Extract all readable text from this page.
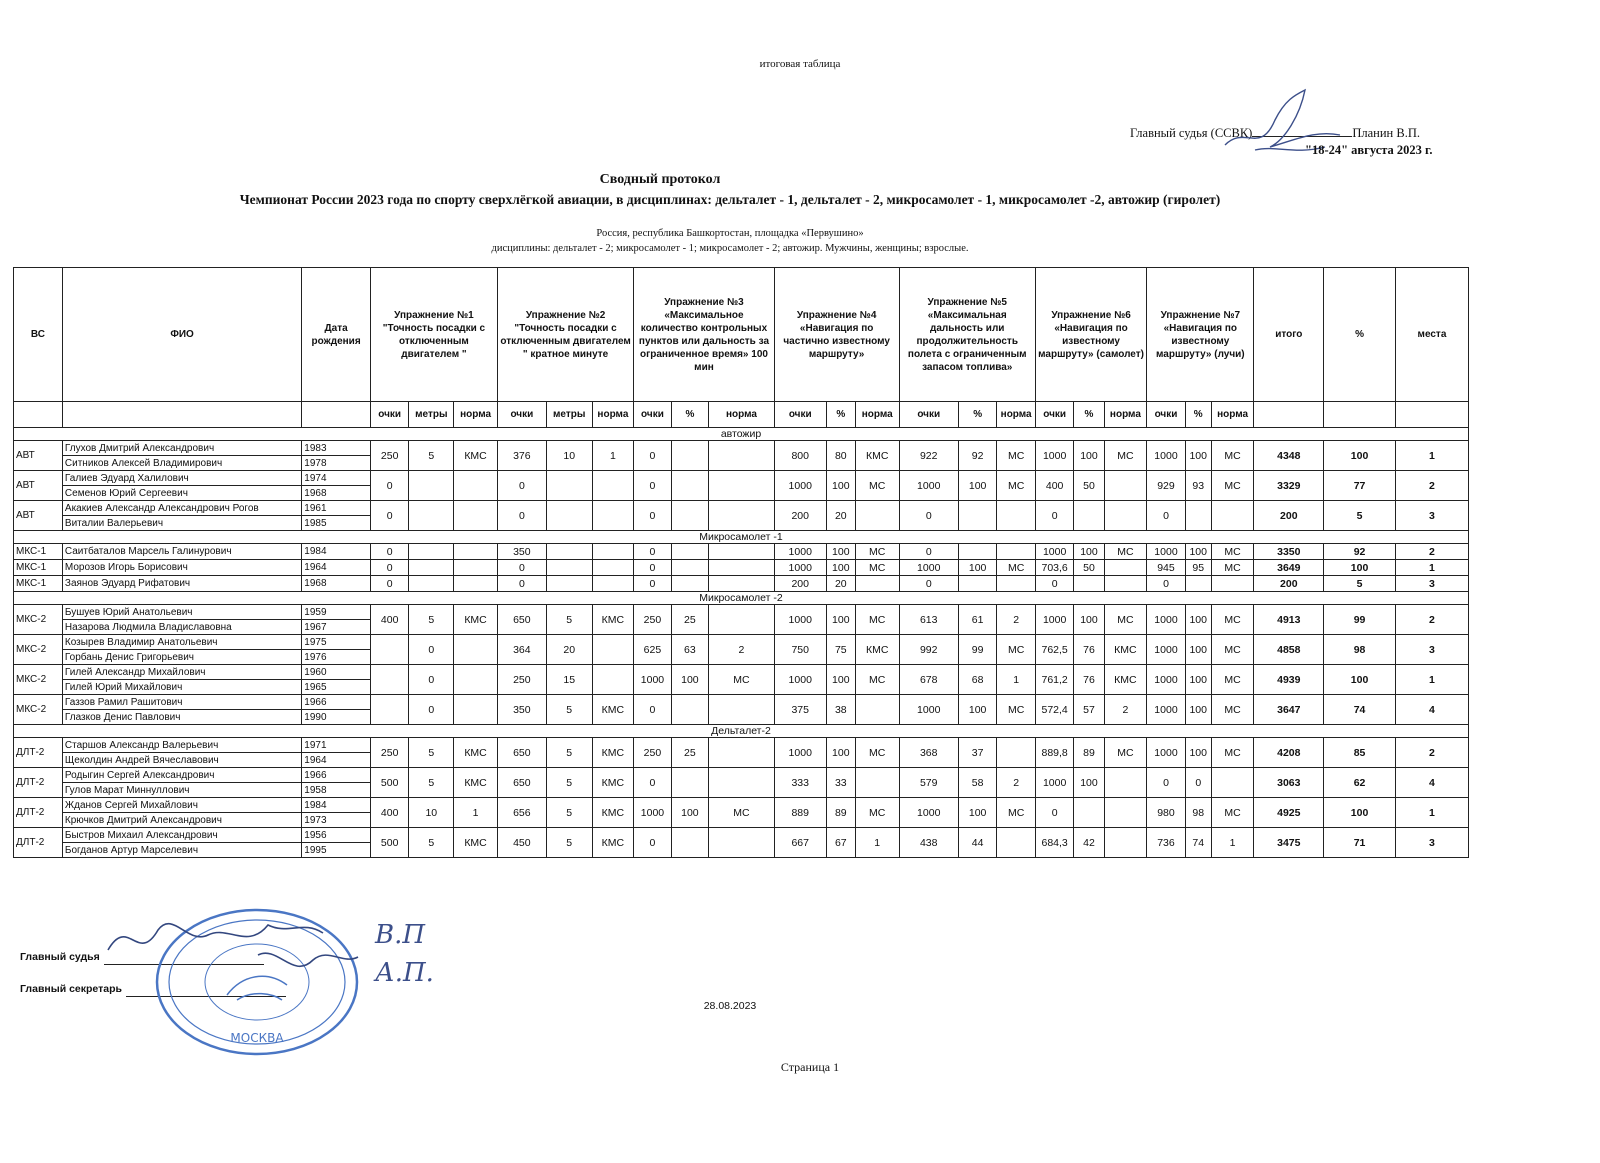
итоговая таблица
Главный судья (ССВК)	Планин В.П.
"18-24" августа 2023 г.
Сводный протокол
Чемпионат России 2023 года по спорту сверхлёгкой авиации, в дисциплинах: дельталет - 1, дельталет - 2, микросамолет - 1, микросамолет -2, автожир (гиролет)
Россия, республика Башкортостан, площадка «Первушино»
дисциплины: дельталет - 2; микросамолет - 1; микросамолет - 2; автожир. Мужчины, женщины; взрослые.
ВС	ФИО	Дата рождения	Упражнение №1 "Точность посадки с отключенным двигателем "			Упражнение №2 "Точность посадки с отключенным двигателем " кратное минуте			Упражнение №3 «Максимальное количество контрольных пунктов или дальность за ограниченное время» 100 мин			Упражнение №4 «Навигация по частично известному маршруту»			Упражнение №5 «Максимальная дальность или продолжительность полета с ограниченным запасом топлива»			Упражнение №6 «Навигация по известному маршруту» (самолет)			Упражнение №7 «Навигация по известному маршруту» (лучи)			итого	%	места
			очки	метры	норма	очки	метры	норма	очки	%	норма	очки	%	норма	очки	%	норма	очки	%	норма	очки	%	норма			
автожир																										
АВТ	Глухов Дмитрий Александрович	1983	250	5	КМС	376	10	1	0			800	80	КМС	922	92	МС	1000	100	МС	1000	100	МС	4348	100	1
	Ситников Алексей Владимирович	1978																								
АВТ	Галиев Эдуард Халилович	1974	0			0			0			1000	100	МС	1000	100	МС	400	50		929	93	МС	3329	77	2
	Семенов Юрий Сергеевич	1968																								
АВТ	Акакиев Александр Александрович Рогов	1961	0			0			0			200	20		0			0			0			200	5	3
	Виталии Валерьевич	1985																								
Микросамолет -1																										
МКС-1	Саитбаталов Марсель Галинурович	1984	0			350			0			1000	100	МС	0			1000	100	МС	1000	100	МС	3350	92	2
МКС-1	Морозов Игорь Борисович	1964	0			0			0			1000	100	МС	1000	100	МС	703,6	50		945	95	МС	3649	100	1
МКС-1	Заянов Эдуард Рифатович	1968	0			0			0			200	20		0			0			0			200	5	3
Микросамолет -2																										
МКС-2	Бушуев Юрий Анатольевич	1959	400	5	КМС	650	5	КМС	250	25		1000	100	МС	613	61	2	1000	100	МС	1000	100	МС	4913	99	2
	Назарова Людмила Владиславовна	1967																								
МКС-2	Козырев Владимир Анатольевич	1975		0		364	20		625	63	2	750	75	КМС	992	99	МС	762,5	76	КМС	1000	100	МС	4858	98	3
	Горбань Денис Григорьевич	1976																								
МКС-2	Гилей Александр Михайлович	1960		0		250	15		1000	100	МС	1000	100	МС	678	68	1	761,2	76	КМС	1000	100	МС	4939	100	1
	Гилей Юрий Михайлович	1965																								
МКС-2	Газзов Рамил Рашитович	1966		0		350	5	КМС	0			375	38		1000	100	МС	572,4	57	2	1000	100	МС	3647	74	4
	Глазков Денис Павлович	1990																								
Дельталет-2																										
ДЛТ-2	Старшов Александр Валерьевич	1971	250	5	КМС	650	5	КМС	250	25		1000	100	МС	368	37		889,8	89	МС	1000	100	МС	4208	85	2
	Щеколдин Андрей Вячеславович	1964																								
ДЛТ-2	Родыгин Сергей Александрович	1966	500	5	КМС	650	5	КМС	0			333	33		579	58	2	1000	100		0	0		3063	62	4
	Гулов Марат Миннуллович	1958																								
ДЛТ-2	Жданов Сергей Михайлович	1984	400	10	1	656	5	КМС	1000	100	МС	889	89	МС	1000	100	МС	0			980	98	МС	4925	100	1
	Крючков Дмитрий Александрович	1973																								
ДЛТ-2	Быстров Михаил Александрович	1956	500	5	КМС	450	5	КМС	0			667	67	1	438	44		684,3	42		736	74	1	3475	71	3
	Богданов Артур Марселевич	1995																								
Главный судья
Главный секретарь
МОСКВА
В.П
А.П.
28.08.2023
Страница 1
